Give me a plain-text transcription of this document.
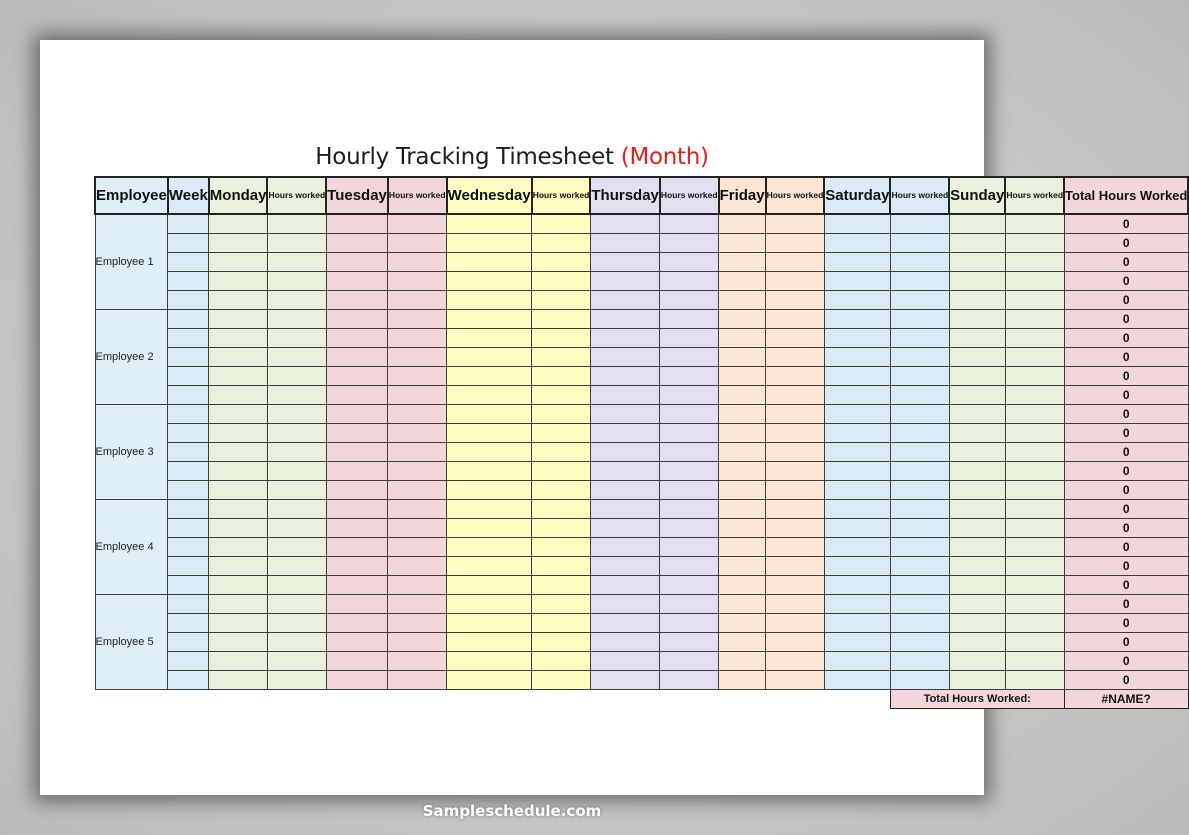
Hourly Tracking Timesheet (Month)
Employee	Week	Monday	Hours worked	Tuesday	Hours worked	Wednesday	Hours worked	Thursday	Hours worked	Friday	Hours worked	Saturday	Hours worked	Sunday	Hours worked	Total Hours Worked
Employee 1																0
																0
																0
																0
																0
Employee 2																0
																0
																0
																0
																0
Employee 3																0
																0
																0
																0
																0
Employee 4																0
																0
																0
																0
																0
Employee 5																0
																0
																0
																0
																0
													Total Hours Worked:			#NAME?
Sampleschedule.com
